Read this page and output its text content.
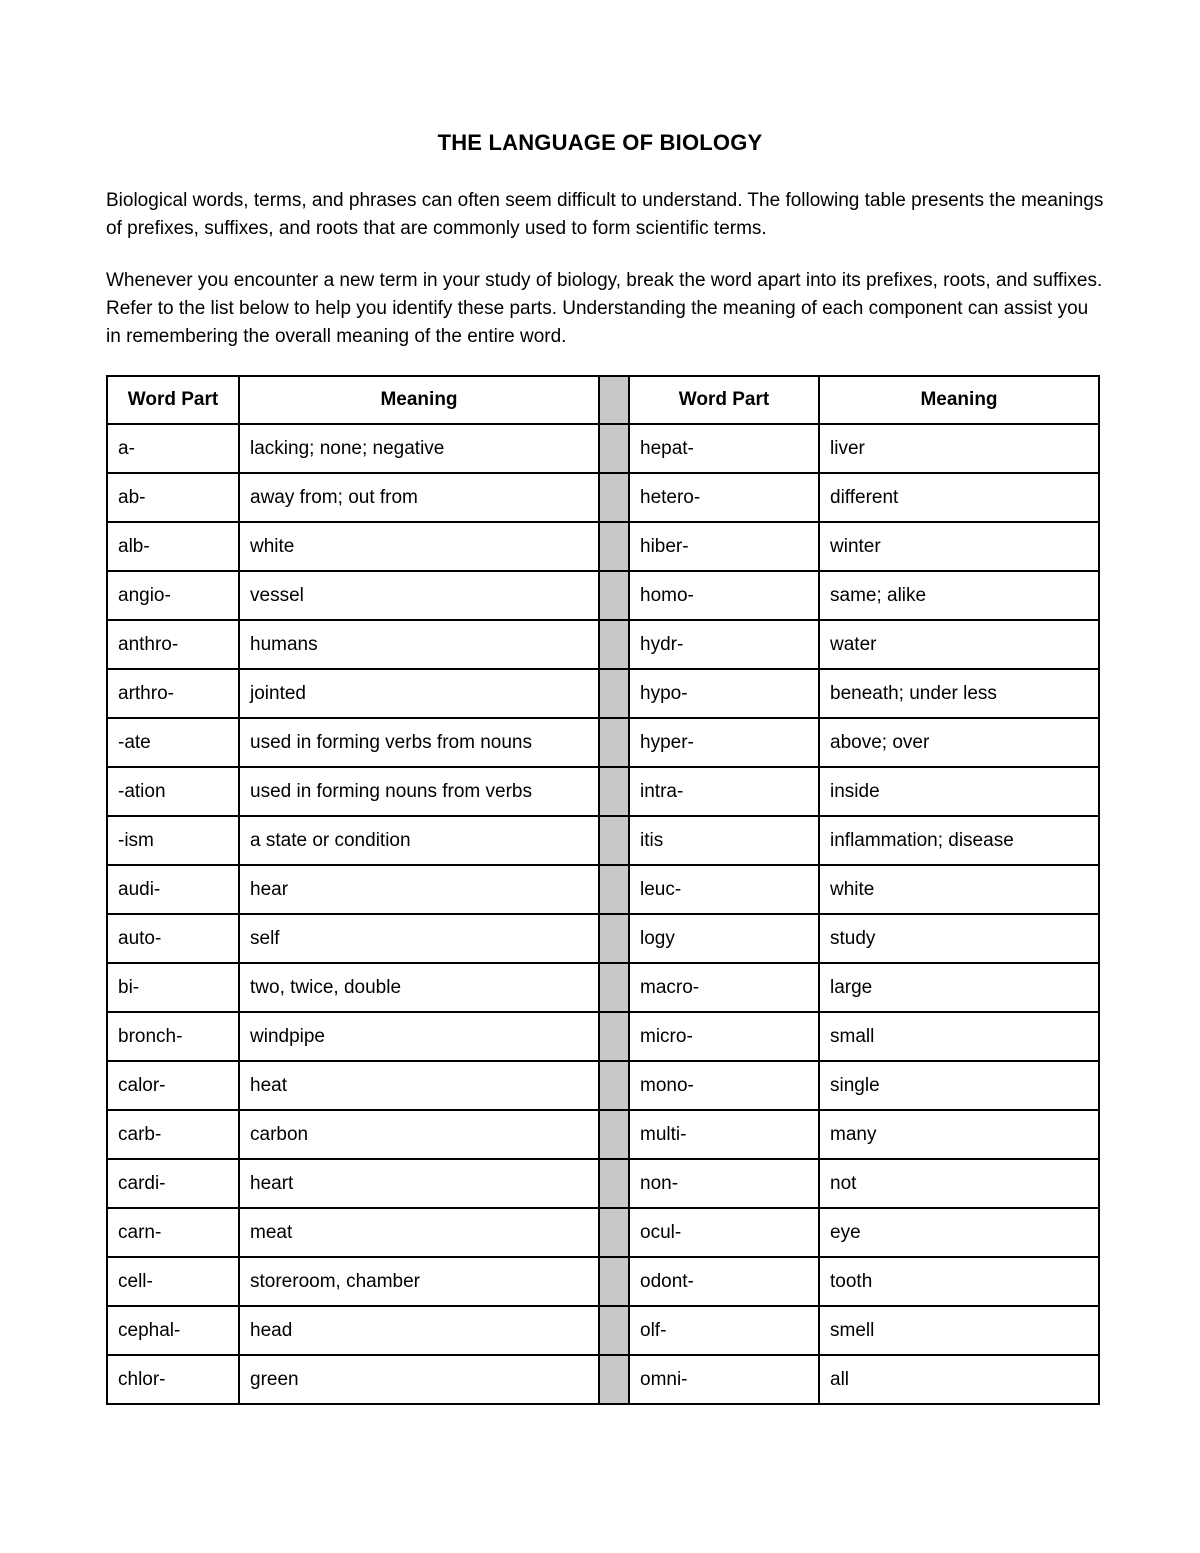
THE LANGUAGE OF BIOLOGY
Biological words, terms, and phrases can often seem difficult to understand. The following table presents the meanings of prefixes, suffixes, and roots that are commonly used to form scientific terms.
Whenever you encounter a new term in your study of biology, break the word apart into its prefixes, roots, and suffixes. Refer to the list below to help you identify these parts. Understanding the meaning of each component can assist you in remembering the overall meaning of the entire word.
Word Part	Meaning		Word Part	Meaning
a-	lacking; none; negative		hepat-	liver
ab-	away from; out from		hetero-	different
alb-	white		hiber-	winter
angio-	vessel		homo-	same; alike
anthro-	humans		hydr-	water
arthro-	jointed		hypo-	beneath; under less
-ate	used in forming verbs from nouns		hyper-	above; over
-ation	used in forming nouns from verbs		intra-	inside
-ism	a state or condition		itis	inflammation; disease
audi-	hear		leuc-	white
auto-	self		logy	study
bi-	two, twice, double		macro-	large
bronch-	windpipe		micro-	small
calor-	heat		mono-	single
carb-	carbon		multi-	many
cardi-	heart		non-	not
carn-	meat		ocul-	eye
cell-	storeroom, chamber		odont-	tooth
cephal-	head		olf-	smell
chlor-	green		omni-	all
